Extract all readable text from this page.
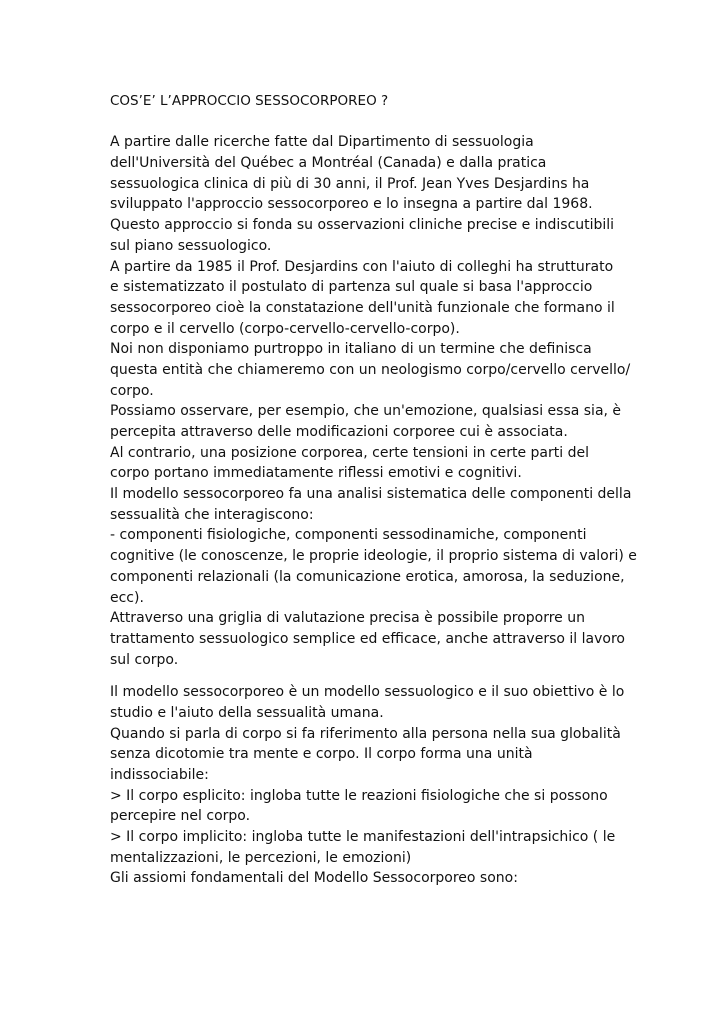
COS’E’ L’APPROCCIO SESSOCORPOREO ?
A partire dalle ricerche fatte dal Dipartimento di sessuologia
dell'Università del Québec a Montréal (Canada) e dalla pratica
sessuologica clinica di più di 30 anni, il Prof. Jean Yves Desjardins ha
sviluppato l'approccio sessocorporeo e lo insegna a partire dal 1968.
Questo approccio si fonda su osservazioni cliniche precise e indiscutibili
sul piano sessuologico.
A partire da 1985 il Prof. Desjardins con l'aiuto di colleghi ha strutturato
e sistematizzato il postulato di partenza sul quale si basa l'approccio
sessocorporeo cioè la constatazione dell'unità funzionale che formano il
corpo e il cervello (corpo-cervello-cervello-corpo).
Noi non disponiamo purtroppo in italiano di un termine che definisca
questa entità che chiameremo con un neologismo corpo/cervello cervello/
corpo.
Possiamo osservare, per esempio, che un'emozione, qualsiasi essa sia, è
percepita attraverso delle modificazioni corporee cui è associata.
Al contrario, una posizione corporea, certe tensioni in certe parti del
corpo portano immediatamente riflessi emotivi e cognitivi.
Il modello sessocorporeo fa una analisi sistematica delle componenti della
sessualità che interagiscono:
- componenti fisiologiche, componenti sessodinamiche, componenti
cognitive (le conoscenze, le proprie ideologie, il proprio sistema di valori) e
componenti relazionali (la comunicazione erotica, amorosa, la seduzione,
ecc).
Attraverso una griglia di valutazione precisa è possibile proporre un
trattamento sessuologico semplice ed efficace, anche attraverso il lavoro
sul corpo.
Il modello sessocorporeo è un modello sessuologico e il suo obiettivo è lo
studio e l'aiuto della sessualità umana.
Quando si parla di corpo si fa riferimento alla persona nella sua globalità
senza dicotomie tra mente e corpo. Il corpo forma una unità
indissociabile:
> Il corpo esplicito: ingloba tutte le reazioni fisiologiche che si possono
percepire nel corpo.
> Il corpo implicito: ingloba tutte le manifestazioni dell'intrapsichico ( le
mentalizzazioni, le percezioni, le emozioni)
Gli assiomi fondamentali del Modello Sessocorporeo sono:
